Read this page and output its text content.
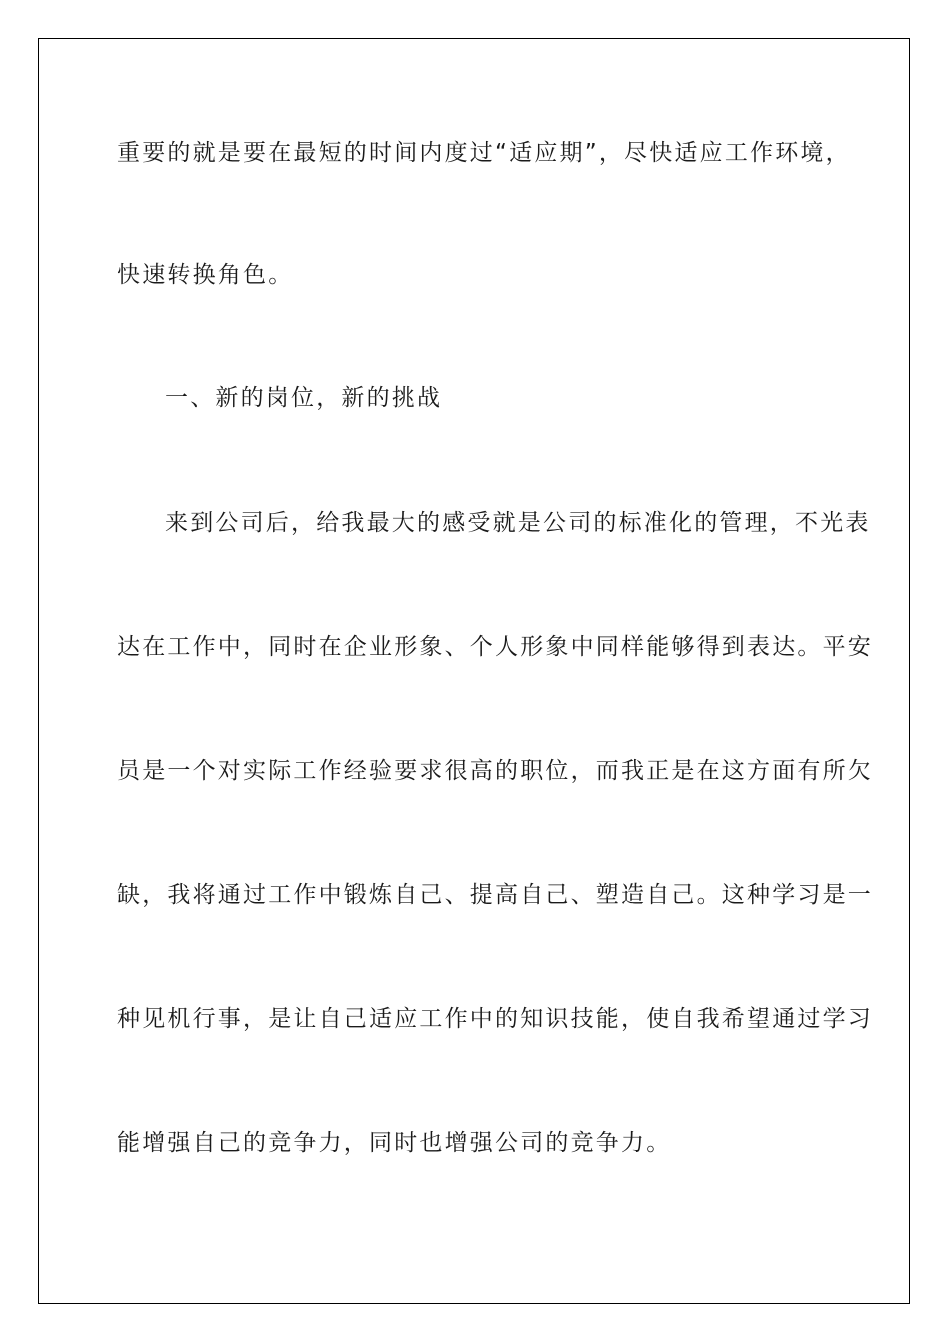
重要的就是要在最短的时间内度过“适应期”，尽快适应工作环境，
快速转换角色。
一、新的岗位，新的挑战
来到公司后，给我最大的感受就是公司的标准化的管理，不光表
达在工作中，同时在企业形象、个人形象中同样能够得到表达。平安
员是一个对实际工作经验要求很高的职位，而我正是在这方面有所欠
缺，我将通过工作中锻炼自己、提高自己、塑造自己。这种学习是一
种见机行事，是让自己适应工作中的知识技能，使自我希望通过学习
能增强自己的竞争力，同时也增强公司的竞争力。
